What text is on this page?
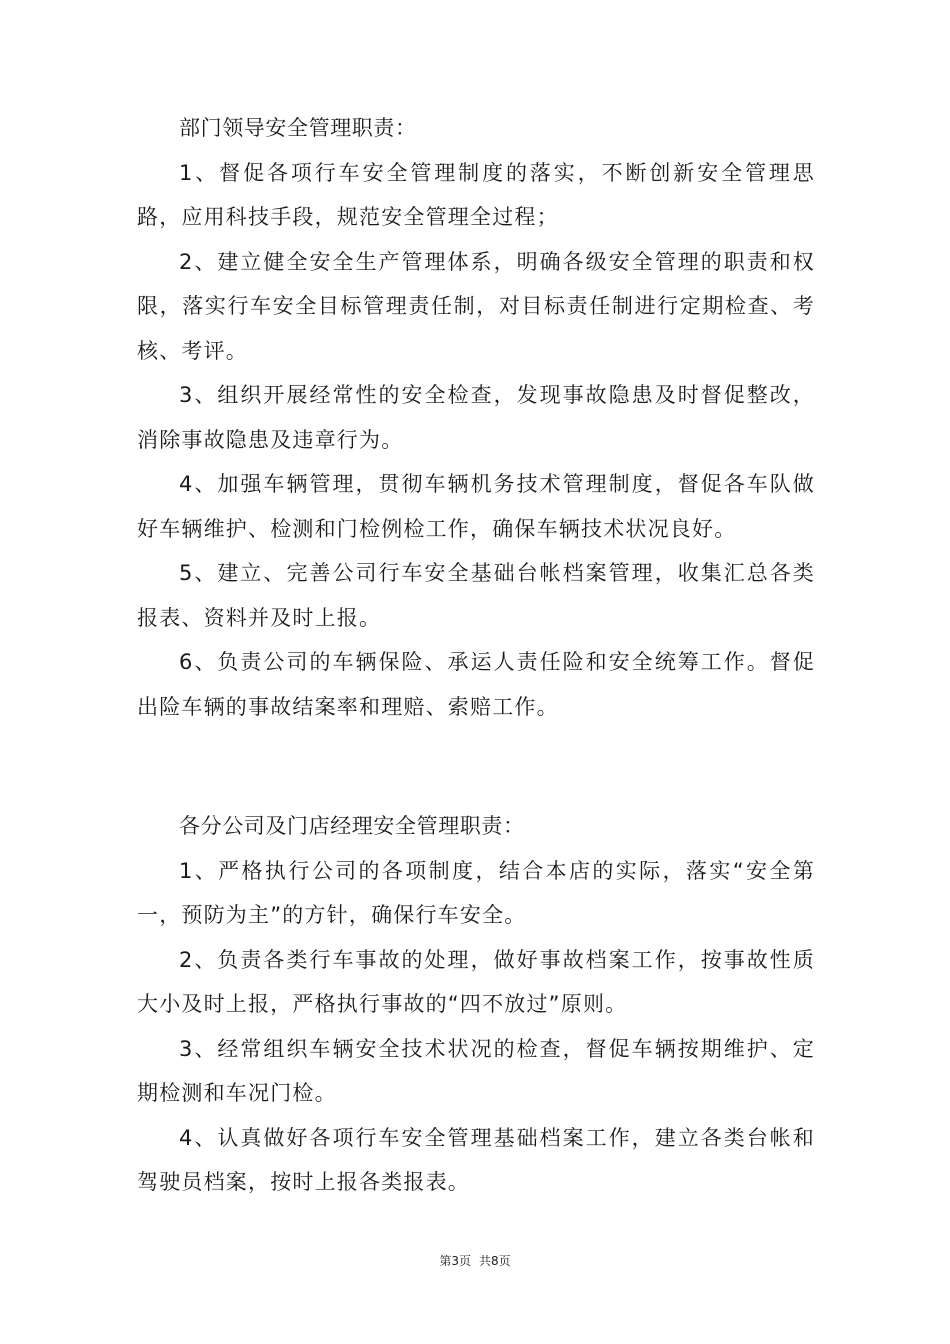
部门领导安全管理职责：

1、督促各项行车安全管理制度的落实，不断创新安全管理思路，应用科技手段，规范安全管理全过程；

2、建立健全安全生产管理体系，明确各级安全管理的职责和权限，落实行车安全目标管理责任制，对目标责任制进行定期检查、考核、考评。

3、组织开展经常性的安全检查，发现事故隐患及时督促整改，消除事故隐患及违章行为。

4、加强车辆管理，贯彻车辆机务技术管理制度，督促各车队做好车辆维护、检测和门检例检工作，确保车辆技术状况良好。

5、建立、完善公司行车安全基础台帐档案管理，收集汇总各类报表、资料并及时上报。

6、负责公司的车辆保险、承运人责任险和安全统筹工作。督促出险车辆的事故结案率和理赔、索赔工作。

各分公司及门店经理安全管理职责：

1、严格执行公司的各项制度，结合本店的实际，落实“安全第一，预防为主”的方针，确保行车安全。

2、负责各类行车事故的处理，做好事故档案工作，按事故性质大小及时上报，严格执行事故的“四不放过”原则。

3、经常组织车辆安全技术状况的检查，督促车辆按期维护、定期检测和车况门检。

4、认真做好各项行车安全管理基础档案工作，建立各类台帐和驾驶员档案，按时上报各类报表。

第3页 共8页
